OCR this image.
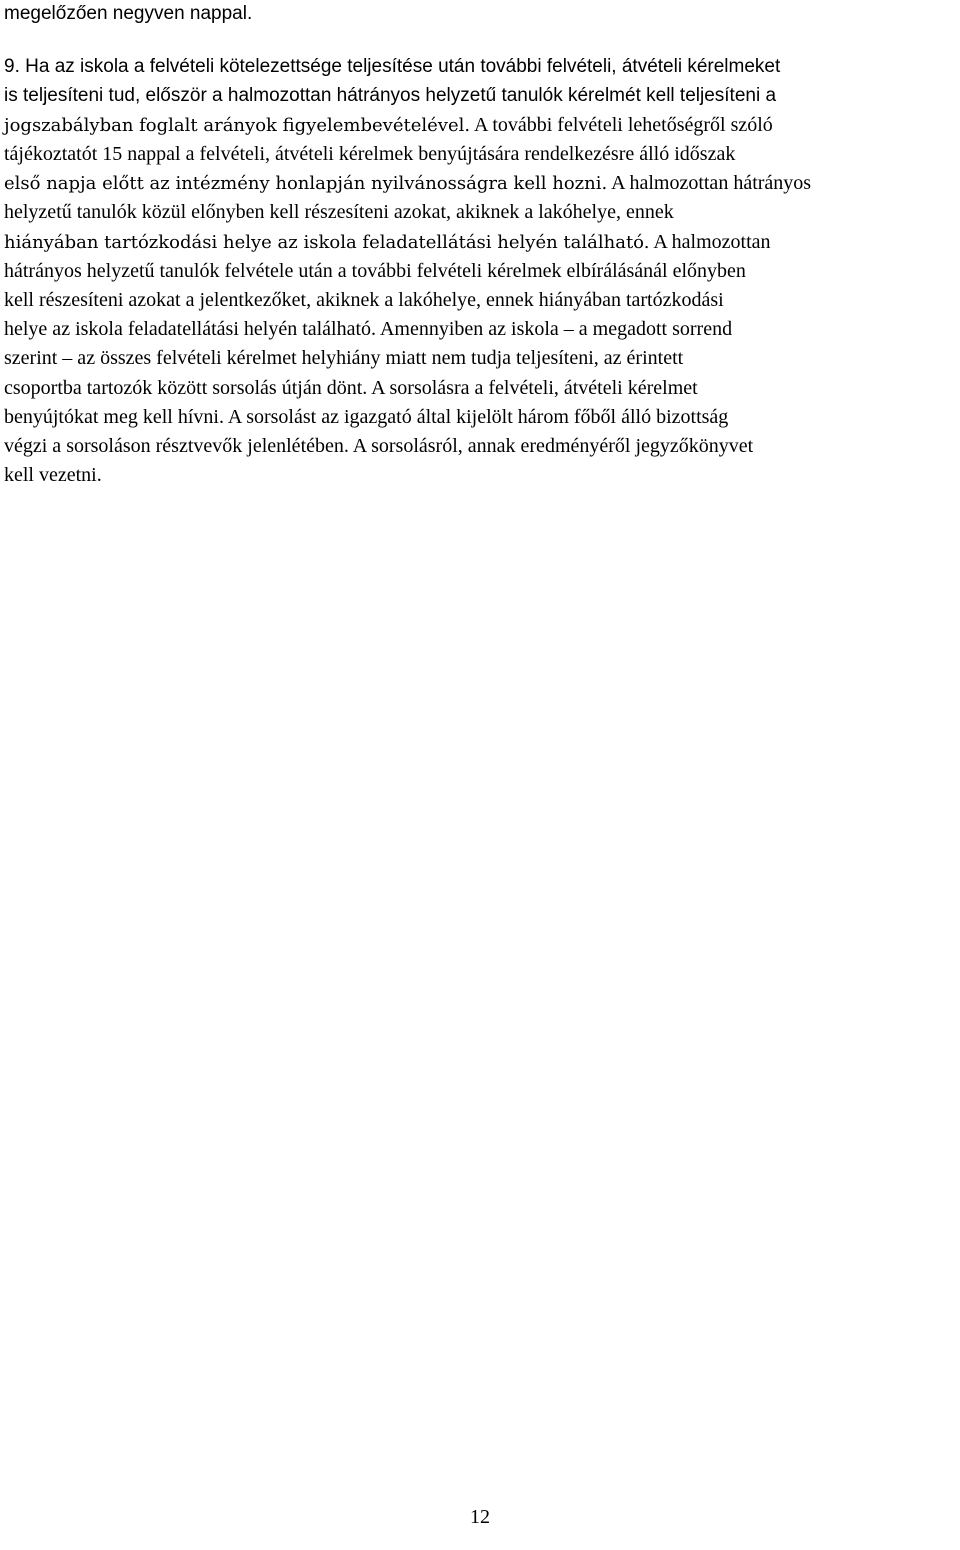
megelőzően negyven nappal.

9. Ha az iskola a felvételi kötelezettsége teljesítése után további felvételi, átvételi kérelmeket

is teljesíteni tud, először a halmozottan hátrányos helyzetű tanulók kérelmét kell teljesíteni a

jogszabályban foglalt arányok figyelembevételével. A további felvételi lehetőségről szóló

tájékoztatót 15 nappal a felvételi, átvételi kérelmek benyújtására rendelkezésre álló időszak

első napja előtt az intézmény honlapján nyilvánosságra kell hozni. A halmozottan hátrányos

helyzetű tanulók közül előnyben kell részesíteni azokat, akiknek a lakóhelye, ennek

hiányában tartózkodási helye az iskola feladatellátási helyén található. A halmozottan

hátrányos helyzetű tanulók felvétele után a további felvételi kérelmek elbírálásánál előnyben

kell részesíteni azokat a jelentkezőket, akiknek a lakóhelye, ennek hiányában tartózkodási

helye az iskola feladatellátási helyén található. Amennyiben az iskola – a megadott sorrend

szerint – az összes felvételi kérelmet helyhiány miatt nem tudja teljesíteni, az érintett

csoportba tartozók között sorsolás útján dönt. A sorsolásra a felvételi, átvételi kérelmet

benyújtókat meg kell hívni. A sorsolást az igazgató által kijelölt három főből álló bizottság

végzi a sorsoláson résztvevők jelenlétében. A sorsolásról, annak eredményéről jegyzőkönyvet

kell vezetni.

12
